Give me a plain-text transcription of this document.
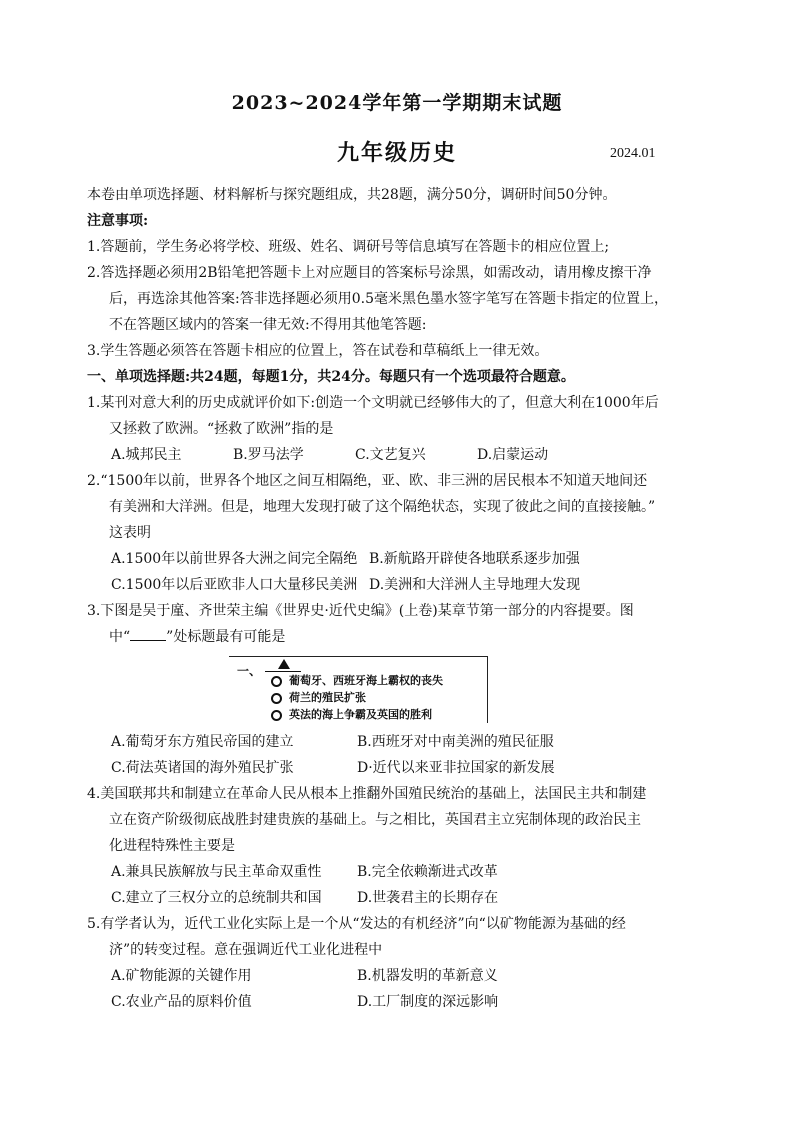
2023~2024学年第一学期期末试题
九年级历史	2024.01
本卷由单项选择题、材料解析与探究题组成，共28题，满分50分，调研时间50分钟。
注意事项:
1.答题前，学生务必将学校、班级、姓名、调研号等信息填写在答题卡的相应位置上;
2.答选择题必须用2B铅笔把答题卡上对应题目的答案标号涂黑，如需改动，请用橡皮擦干净
后，再选涂其他答案:答非选择题必须用0.5毫米黑色墨水签字笔写在答题卡指定的位置上，
不在答题区域内的答案一律无效:不得用其他笔答题:
3.学生答题必须答在答题卡相应的位置上，答在试卷和草稿纸上一律无效。
一、单项选择题:共24题，每题1分，共24分。每题只有一个选项最符合题意。
1.某刊对意大利的历史成就评价如下:创造一个文明就已经够伟大的了，但意大利在1000年后
又拯救了欧洲。“拯救了欧洲”指的是
A.城邦民主	B.罗马法学	C.文艺复兴	D.启蒙运动
2.“1500年以前，世界各个地区之间互相隔绝，亚、欧、非三洲的居民根本不知道天地间还
有美洲和大洋洲。但是，地理大发现打破了这个隔绝状态，实现了彼此之间的直接接触。”
这表明
A.1500年以前世界各大洲之间完全隔绝 B.新航路开辟使各地联系逐步加强
C.1500年以后亚欧非人口大量移民美洲 D.美洲和大洋洲人主导地理大发现
3.下图是吴于廑、齐世荣主编《世界史·近代史编》(上卷)某章节第一部分的内容提要。图
中“	”处标题最有可能是
一、
葡萄牙、西班牙海上霸权的丧失
荷兰的殖民扩张
英法的海上争霸及英国的胜利
A.葡萄牙东方殖民帝国的建立	B.西班牙对中南美洲的殖民征服
C.荷法英诸国的海外殖民扩张	D·近代以来亚非拉国家的新发展
4.美国联邦共和制建立在革命人民从根本上推翻外国殖民统治的基础上，法国民主共和制建
立在资产阶级彻底战胜封建贵族的基础上。与之相比，英国君主立宪制体现的政治民主
化进程特殊性主要是
A.兼具民族解放与民主革命双重性	B.完全依赖渐进式改革
C.建立了三权分立的总统制共和国	D.世袭君主的长期存在
5.有学者认为，近代工业化实际上是一个从“发达的有机经济”向“以矿物能源为基础的经
济”的转变过程。意在强调近代工业化进程中
A.矿物能源的关键作用	B.机器发明的革新意义
C.农业产品的原料价值	D.工厂制度的深远影响
